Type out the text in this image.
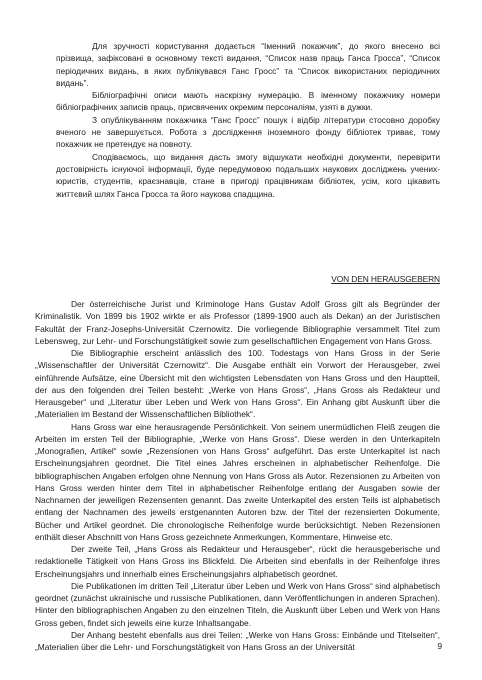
Для зручності користування додається “Іменний покажчик”, до якого внесено всі прізвища, зафіксовані в основному тексті видання, “Список назв праць Ганса Гросса”, “Список періодичних видань, в яких публікувався Ганс Гросс” та “Список використаних періодичних видань”.

Бібліографічні описи мають наскрізну нумерацію. В іменному покажчику номери бібліографічних записів праць, присвячених окремим персоналіям, узяті в дужки.

З опублікуванням покажчика “Ганс Гросс” пошук і відбір літератури стосовно доробку вченого не завершується. Робота з дослідження іноземного фонду бібліотек триває, тому покажчик не претендує на повноту.

Сподіваємось, що видання дасть змогу відшукати необхідні документи, перевірити достовірність існуючої інформації, буде передумовою подальших наукових досліджень учених-юристів, студентів, краєзнавців, стане в пригоді працівникам бібліотек, усім, кого цікавить життєвий шлях Ганса Гросса та його наукова спадщина.

VON DEN HERAUSGEBERN

Der österreichische Jurist und Kriminologe Hans Gustav Adolf Gross gilt als Begründer der Kriminalistik. Von 1899 bis 1902 wirkte er als Professor (1899-1900 auch als Dekan) an der Juristischen Fakultät der Franz-Josephs-Universität Czernowitz. Die vorliegende Bibliographie versammelt Titel zum Lebensweg, zur Lehr- und Forschungstätigkeit sowie zum gesellschaftlichen Engagement von Hans Gross.

Die Bibliographie erscheint anlässlich des 100. Todestags von Hans Gross in der Serie „Wissenschaftler der Universität Czernowitz“. Die Ausgabe enthält ein Vorwort der Herausgeber, zwei einführende Aufsätze, eine Übersicht mit den wichtigsten Lebensdaten von Hans Gross und den Hauptteil, der aus den folgenden drei Teilen besteht: „Werke von Hans Gross“, „Hans Gross als Redakteur und Herausgeber“ und „Literatur über Leben und Werk von Hans Gross“. Ein Anhang gibt Auskunft über die „Materialien im Bestand der Wissenschaftlichen Bibliothek“.

Hans Gross war eine herausragende Persönlichkeit. Von seinem unermüdlichen Fleiß zeugen die Arbeiten im ersten Teil der Bibliographie, „Werke von Hans Gross“. Diese werden in den Unterkapiteln „Monografien, Artikel“ sowie „Rezensionen von Hans Gross“ aufgeführt. Das erste Unterkapitel ist nach Erscheinungsjahren geordnet. Die Titel eines Jahres erscheinen in alphabetischer Reihenfolge. Die bibliographischen Angaben erfolgen ohne Nennung von Hans Gross als Autor. Rezensionen zu Arbeiten von Hans Gross werden hinter dem Titel in alphabetischer Reihenfolge entlang der Ausgaben sowie der Nachnamen der jeweiligen Rezensenten genannt. Das zweite Unterkapitel des ersten Teils ist alphabetisch entlang der Nachnamen des jeweils erstgenannten Autoren bzw. der Titel der rezensierten Dokumente, Bücher und Artikel geordnet. Die chronologische Reihenfolge wurde berücksichtigt. Neben Rezensionen enthält dieser Abschnitt von Hans Gross gezeichnete Anmerkungen, Kommentare, Hinweise etc.

Der zweite Teil, „Hans Gross als Redakteur und Herausgeber“, rückt die herausgeberische und redaktionelle Tätigkeit von Hans Gross ins Blickfeld. Die Arbeiten sind ebenfalls in der Reihenfolge ihres Erscheinungsjahrs und innerhalb eines Erscheinungsjahrs alphabetisch geordnet.

Die Publikationen im dritten Teil „Literatur über Leben und Werk von Hans Gross“ sind alphabetisch geordnet (zunächst ukrainische und russische Publikationen, dann Veröffentlichungen in anderen Sprachen). Hinter den bibliographischen Angaben zu den einzelnen Titeln, die Auskunft über Leben und Werk von Hans Gross geben, findet sich jeweils eine kurze Inhaltsangabe.

Der Anhang besteht ebenfalls aus drei Teilen: „Werke von Hans Gross: Einbände und Titelseiten“, „Materialien über die Lehr- und Forschungstätigkeit von Hans Gross an der Universität	9
